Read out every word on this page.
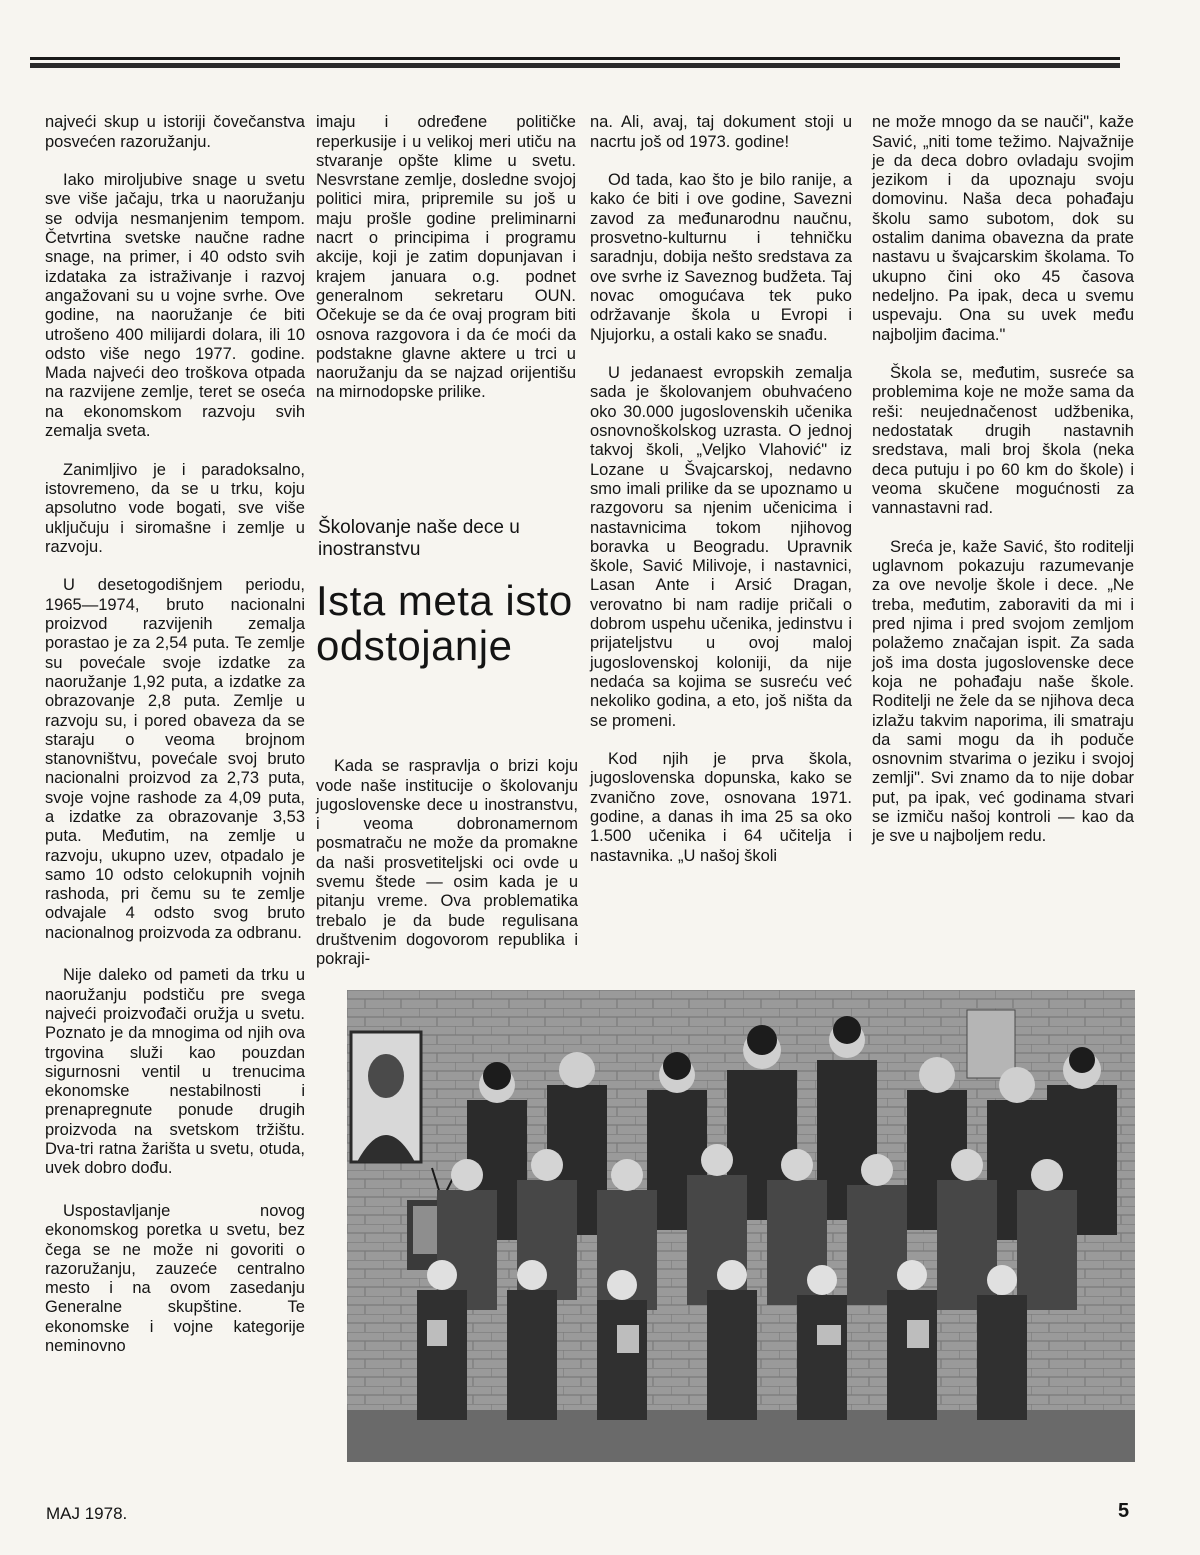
najveći skup u istoriji čovečanstva posvećen razoružanju.

Iako miroljubive snage u svetu sve više jačaju, trka u naoružanju se odvija nesmanjenim tempom. Četvrtina svetske naučne radne snage, na primer, i 40 odsto svih izdataka za istraživanje i razvoj angažovani su u vojne svrhe. Ove godine, na naoružanje će biti utrošeno 400 milijardi dolara, ili 10 odsto više nego 1977. godine. Mada najveći deo troškova otpada na razvijene zemlje, teret se oseća na ekonomskom razvoju svih zemalja sveta.

Zanimljivo je i paradoksalno, istovremeno, da se u trku, koju apsolutno vode bogati, sve više uključuju i siromašne i zemlje u razvoju.

U desetogodišnjem periodu, 1965—1974, bruto nacionalni proizvod razvijenih zemalja porastao je za 2,54 puta. Te zemlje su povećale svoje izdatke za naoružanje 1,92 puta, a izdatke za obrazovanje 2,8 puta. Zemlje u razvoju su, i pored obaveza da se staraju o veoma brojnom stanovništvu, povećale svoj bruto nacionalni proizvod za 2,73 puta, svoje vojne rashode za 4,09 puta, a izdatke za obrazovanje 3,53 puta. Međutim, na zemlje u razvoju, ukupno uzev, otpadalo je samo 10 odsto celokupnih vojnih rashoda, pri čemu su te zemlje odvajale 4 odsto svog bruto nacionalnog proizvoda za odbranu.

Nije daleko od pameti da trku u naoružanju podstiču pre svega najveći proizvođači oružja u svetu. Poznato je da mnogima od njih ova trgovina služi kao pouzdan sigurnosni ventil u trenucima ekonomske nestabilnosti i prenapregnute ponude drugih proizvoda na svetskom tržištu. Dva-tri ratna žarišta u svetu, otuda, uvek dobro dođu.

Uspostavljanje novog ekonomskog poretka u svetu, bez čega se ne može ni govoriti o razoružanju, zauzeće centralno mesto i na ovom zasedanju Generalne skupštine. Te ekonomske i vojne kategorije neminovno

imaju i određene političke reperkusije i u velikoj meri utiču na stvaranje opšte klime u svetu. Nesvrstane zemlje, dosledne svojoj politici mira, pripremile su još u maju prošle godine preliminarni nacrt o principima i programu akcije, koji je zatim dopunjavan i krajem januara o.g. podnet generalnom sekretaru OUN. Očekuje se da će ovaj program biti osnova razgovora i da će moći da podstakne glavne aktere u trci u naoružanju da se najzad orijentišu na mirnodopske prilike.

Školovanje naše dece u inostranstvu
Ista meta isto odstojanje

Kada se raspravlja o brizi koju vode naše institucije o školovanju jugoslovenske dece u inostranstvu, i veoma dobronamernom posmatraču ne može da promakne da naši prosvetiteljski oci ovde u svemu štede — osim kada je u pitanju vreme. Ova problematika trebalo je da bude regulisana društvenim dogovorom republika i pokraji-

na. Ali, avaj, taj dokument stoji u nacrtu još od 1973. godine!

Od tada, kao što je bilo ranije, a kako će biti i ove godine, Savezni zavod za međunarodnu naučnu, prosvetno-kulturnu i tehničku saradnju, dobija nešto sredstava za ove svrhe iz Saveznog budžeta. Taj novac omogućava tek puko održavanje škola u Evropi i Njujorku, a ostali kako se snađu.

U jedanaest evropskih zemalja sada je školovanjem obuhvaćeno oko 30.000 jugoslovenskih učenika osnovnoškolskog uzrasta. O jednoj takvoj školi, „Veljko Vlahović" iz Lozane u Švajcarskoj, nedavno smo imali prilike da se upoznamo u razgovoru sa njenim učenicima i nastavnicima tokom njihovog boravka u Beogradu. Upravnik škole, Savić Milivoje, i nastavnici, Lasan Ante i Arsić Dragan, verovatno bi nam radije pričali o dobrom uspehu učenika, jedinstvu i prijateljstvu u ovoj maloj jugoslovenskoj koloniji, da nije nedaća sa kojima se susreću već nekoliko godina, a eto, još ništa da se promeni.

Kod njih je prva škola, jugoslovenska dopunska, kako se zvanično zove, osnovana 1971. godine, a danas ih ima 25 sa oko 1.500 učenika i 64 učitelja i nastavnika. „U našoj školi

ne može mnogo da se nauči", kaže Savić, „niti tome težimo. Najvažnije je da deca dobro ovladaju svojim jezikom i da upoznaju svoju domovinu. Naša deca pohađaju školu samo subotom, dok su ostalim danima obavezna da prate nastavu u švajcarskim školama. To ukupno čini oko 45 časova nedeljno. Pa ipak, deca u svemu uspevaju. Ona su uvek među najboljim đacima."

Škola se, međutim, susreće sa problemima koje ne može sama da reši: neujednačenost udžbenika, nedostatak drugih nastavnih sredstava, mali broj škola (neka deca putuju i po 60 km do škole) i veoma skučene mogućnosti za vannastavni rad.

Sreća je, kaže Savić, što roditelji uglavnom pokazuju razumevanje za ove nevolje škole i dece. „Ne treba, međutim, zaboraviti da mi i pred njima i pred svojom zemljom polažemo značajan ispit. Za sada još ima dosta jugoslovenske dece koja ne pohađaju naše škole. Roditelji ne žele da se njihova deca izlažu takvim naporima, ili smatraju da sami mogu da ih poduče osnovnim stvarima o jeziku i svojoj zemlji". Svi znamo da to nije dobar put, pa ipak, već godinama stvari se izmiču našoj kontroli — kao da je sve u najboljem redu.

MAJ 1978.	5
